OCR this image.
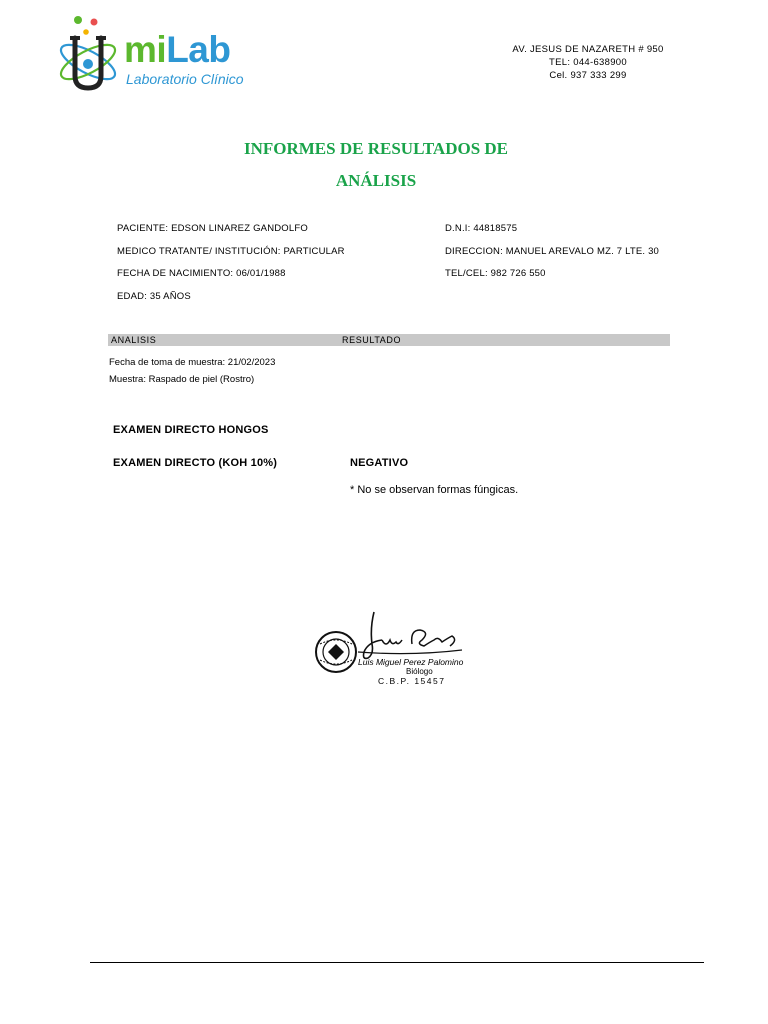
miLab
Laboratorio Clínico
AV. JESUS DE NAZARETH # 950
TEL: 044-638900
Cel. 937 333 299
INFORMES DE RESULTADOS DE
ANÁLISIS
PACIENTE: EDSON LINAREZ GANDOLFO	D.N.I: 44818575
MEDICO TRATANTE/ INSTITUCIÓN: PARTICULAR	DIRECCION: MANUEL AREVALO MZ. 7 LTE. 30
FECHA DE NACIMIENTO: 06/01/1988	TEL/CEL: 982 726 550
EDAD: 35 AÑOS
ANALISIS	RESULTADO
Fecha de toma de muestra: 21/02/2023
Muestra: Raspado de piel (Rostro)
EXAMEN DIRECTO HONGOS
EXAMEN DIRECTO (KOH 10%)	NEGATIVO
* No se observan formas fúngicas.
Luis Miguel Perez Palomino
Biólogo
C.B.P. 15457
